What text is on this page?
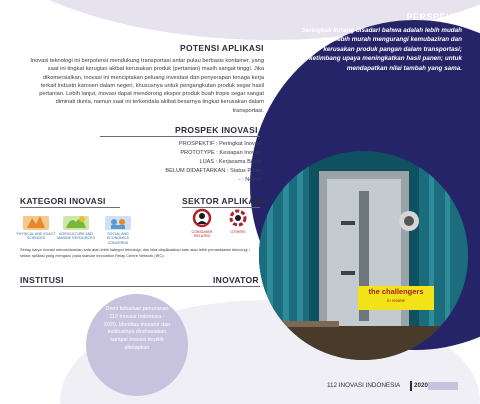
PERSPEKTIF
Seringkali kurang disadari bahwa adalah lebih mudah dan lebih murah mengurangi kemubaziran dan kerusakan produk pangan dalam transportasi; ketimbang upaya meningkatkan hasil panen; untuk mendapatkan nilai tambah yang sama.
the challengers
in review
POTENSI APLIKASI
Inovasi teknologi ini berpotensi mendukung transportasi antar pulau berbasis kontainer, yang saat ini tingkat kerugian akibat kerusakan produk (pertanian) masih sangat tinggi. Jika dikomersialkan, inovasi ini menciptakan peluang investasi dan penyerapan tenaga kerja terkait industri karoseri dalam negeri, khususnya untuk pengangkutan produk segar hasil pertanian. Lebih lanjut, inovasi dapat mendorong ekspor produk buah tropis segar sangat diminati dunia, namun saat ini terkendala akibat besarnya tingkat kerusakan dalam transportasi.
PROSPEK INOVASI
PROSPEKTIF : Peringkat Inovasi
PROTOTYPE : Kesiapan Inovasi
LUAS : Kerjasama Bisnis
BELUM DIDAFTARKAN : Status Paten
- : Nomor
KATEGORI INOVASI
PHYSICAL AND EXACT SCIENCES
AGRICULTURE AND MARINE RESOURCES
SOCIAL AND ECONOMICS CONCERNS
SEKTOR APLIKASI
CONSUMER RELATED
OTHERS
Setiap karya inovasi mencantumkan satu atau lebih kategori teknologi, dan bisa diaplikasikan satu atau lebih pemanfaatan teknologi / sektor aplikasi yang mengacu pada standar Innovation Relay Centre Network (IRC).
INSTITUSI	INOVATOR
Demi kebaikan penurunan 112 Inovasi Indonesia - 2020, Identitas inovator dan institusinya dirahasiakan sampai Inovasi terpilih ditetapkan
112 INOVASI INDONESIA 2020
